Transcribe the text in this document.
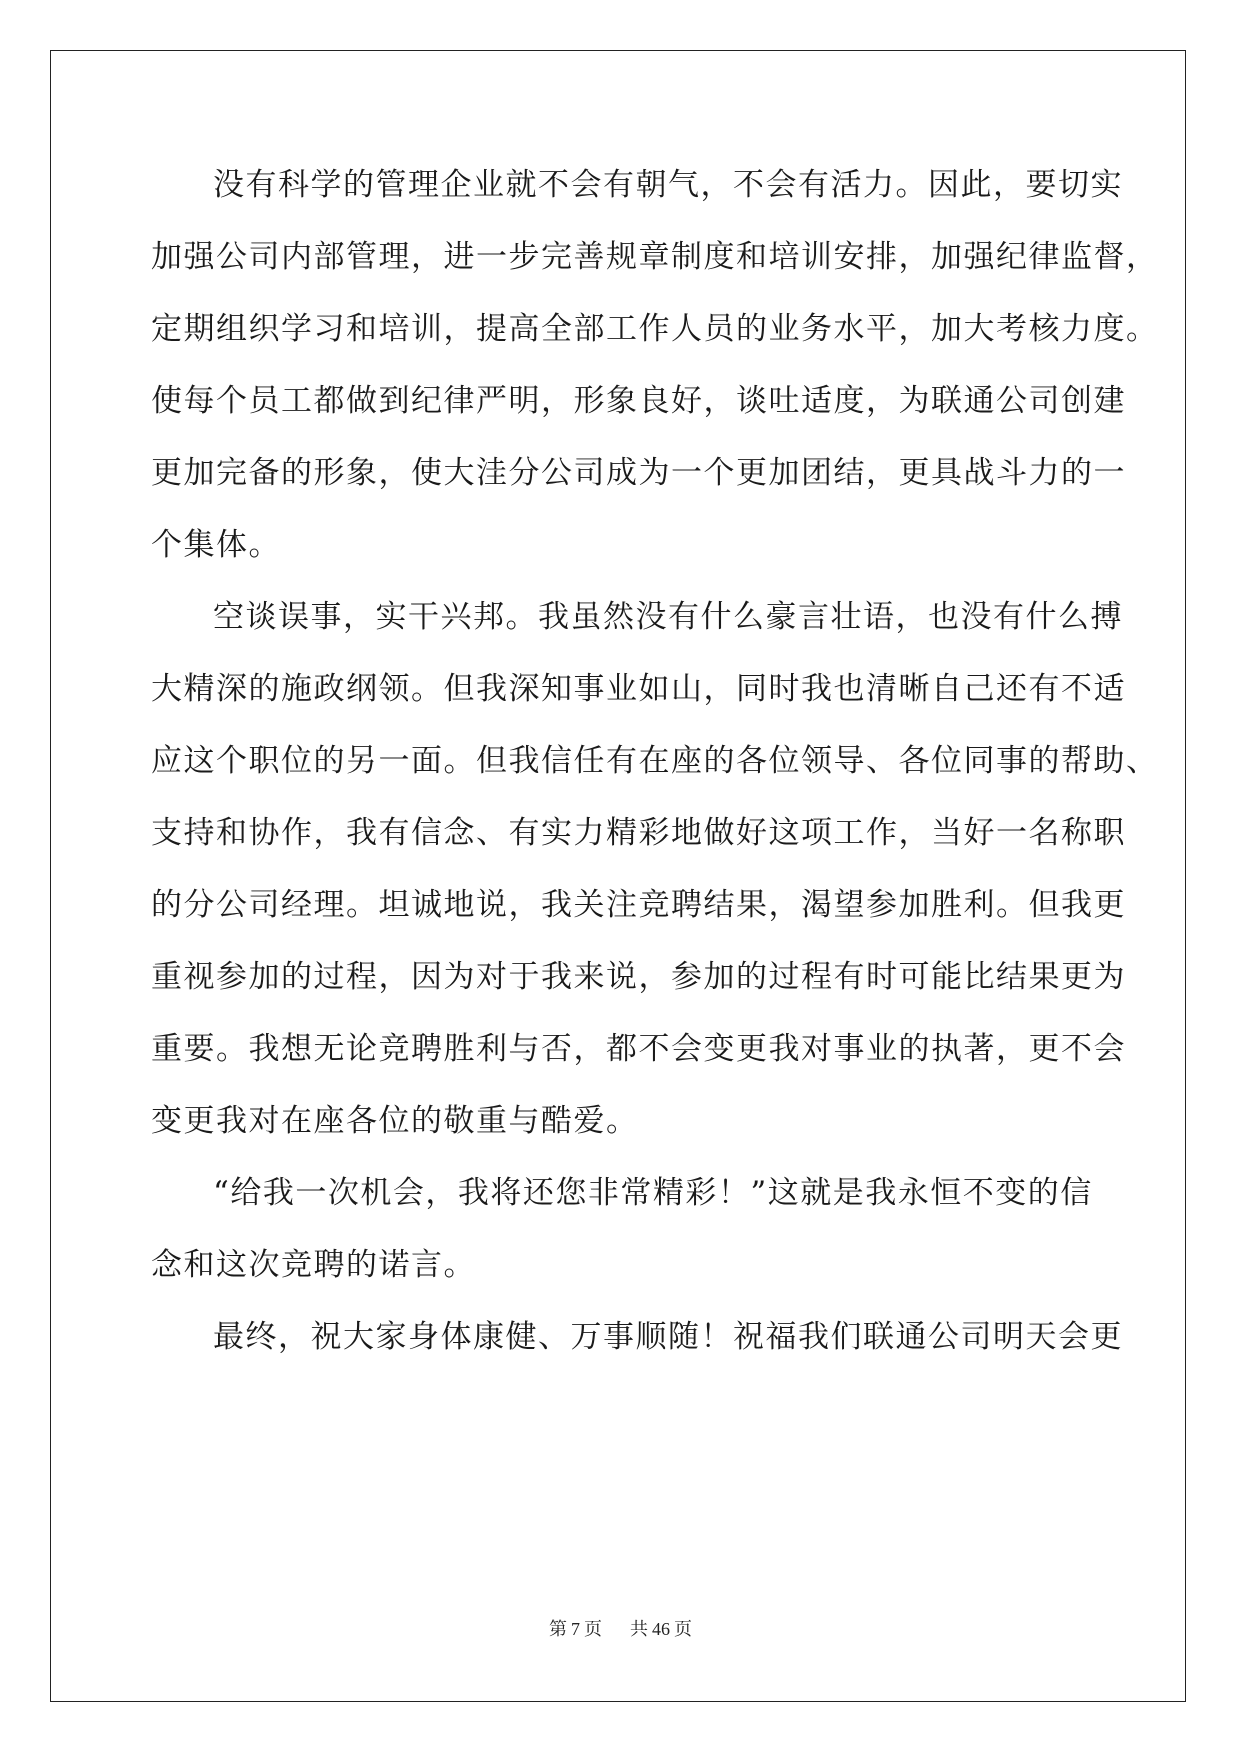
没有科学的管理企业就不会有朝气，不会有活力。因此，要切实
加强公司内部管理，进一步完善规章制度和培训安排，加强纪律监督，
定期组织学习和培训，提高全部工作人员的业务水平，加大考核力度。
使每个员工都做到纪律严明，形象良好，谈吐适度，为联通公司创建
更加完备的形象，使大洼分公司成为一个更加团结，更具战斗力的一
个集体。
空谈误事，实干兴邦。我虽然没有什么豪言壮语，也没有什么搏
大精深的施政纲领。但我深知事业如山，同时我也清晰自己还有不适
应这个职位的另一面。但我信任有在座的各位领导、各位同事的帮助、
支持和协作，我有信念、有实力精彩地做好这项工作，当好一名称职
的分公司经理。坦诚地说，我关注竞聘结果，渴望参加胜利。但我更
重视参加的过程，因为对于我来说，参加的过程有时可能比结果更为
重要。我想无论竞聘胜利与否，都不会变更我对事业的执著，更不会
变更我对在座各位的敬重与酷爱。
“给我一次机会，我将还您非常精彩！”这就是我永恒不变的信
念和这次竞聘的诺言。
最终，祝大家身体康健、万事顺随！祝福我们联通公司明天会更
第 7 页 共 46 页
